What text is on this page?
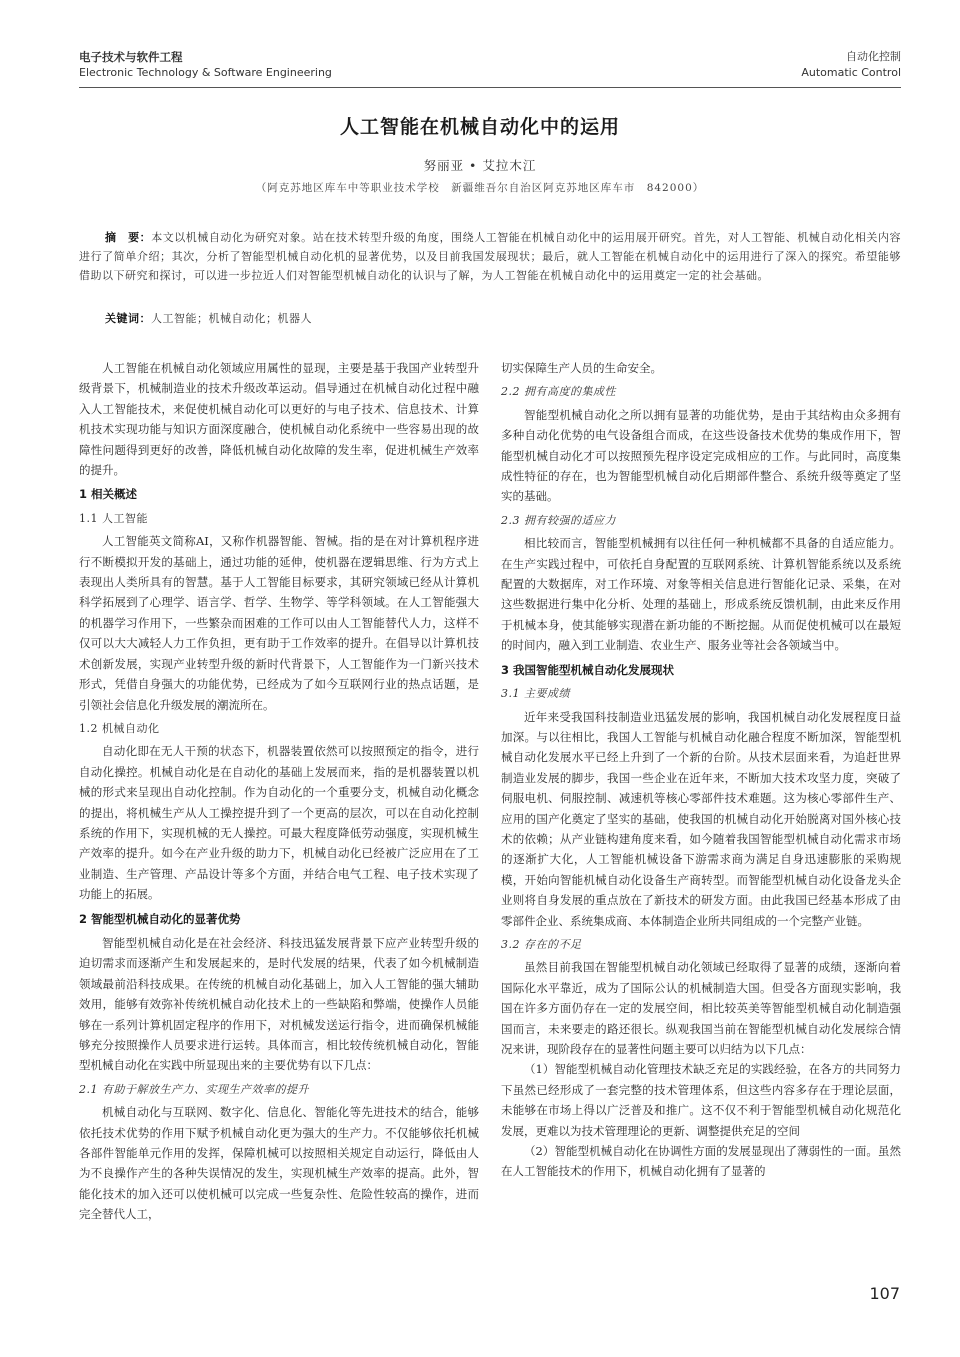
电子技术与软件工程
Electronic Technology & Software Engineering
自动化控制
Automatic Control
人工智能在机械自动化中的运用
努丽亚 • 艾拉木江
（阿克苏地区库车中等职业技术学校　新疆维吾尔自治区阿克苏地区库车市　842000）
摘　要：本文以机械自动化为研究对象。站在技术转型升级的角度，围绕人工智能在机械自动化中的运用展开研究。首先，对人工智能、机械自动化相关内容进行了简单介绍；其次，分析了智能型机械自动化机的显著优势，以及目前我国发展现状；最后，就人工智能在机械自动化中的运用进行了深入的探究。希望能够借助以下研究和探讨，可以进一步拉近人们对智能型机械自动化的认识与了解，为人工智能在机械自动化中的运用奠定一定的社会基础。
关键词：人工智能；机械自动化；机器人

人工智能在机械自动化领域应用属性的显现，主要是基于我国产业转型升级背景下，机械制造业的技术升级改革运动。倡导通过在机械自动化过程中融入人工智能技术，来促使机械自动化可以更好的与电子技术、信息技术、计算机技术实现功能与知识方面深度融合，使机械自动化系统中一些容易出现的故障性问题得到更好的改善，降低机械自动化故障的发生率，促进机械生产效率的提升。

1 相关概述
1.1 人工智能

人工智能英文简称AI，又称作机器智能、智械。指的是在对计算机程序进行不断模拟开发的基础上，通过功能的延伸，使机器在逻辑思维、行为方式上表现出人类所具有的智慧。基于人工智能目标要求，其研究领域已经从计算机科学拓展到了心理学、语言学、哲学、生物学、等学科领域。在人工智能强大的机器学习作用下，一些繁杂而困难的工作可以由人工智能替代人力，这样不仅可以大大减轻人力工作负担，更有助于工作效率的提升。在倡导以计算机技术创新发展，实现产业转型升级的新时代背景下，人工智能作为一门新兴技术形式，凭借自身强大的功能优势，已经成为了如今互联网行业的热点话题，是引领社会信息化升级发展的潮流所在。

1.2 机械自动化

自动化即在无人干预的状态下，机器装置依然可以按照预定的指令，进行自动化操控。机械自动化是在自动化的基础上发展而来，指的是机器装置以机械的形式来呈现出自动化控制。作为自动化的一个重要分支，机械自动化概念的提出，将机械生产从人工操控提升到了一个更高的层次，可以在自动化控制系统的作用下，实现机械的无人操控。可最大程度降低劳动强度，实现机械生产效率的提升。如今在产业升级的助力下，机械自动化已经被广泛应用在了工业制造、生产管理、产品设计等多个方面，并结合电气工程、电子技术实现了功能上的拓展。

2 智能型机械自动化的显著优势

智能型机械自动化是在社会经济、科技迅猛发展背景下应产业转型升级的迫切需求而逐渐产生和发展起来的，是时代发展的结果，代表了如今机械制造领域最前沿科技成果。在传统的机械自动化基础上，加入人工智能的强大辅助效用，能够有效弥补传统机械自动化技术上的一些缺陷和弊端，使操作人员能够在一系列计算机固定程序的作用下，对机械发送运行指令，进而确保机械能够充分按照操作人员要求进行运转。具体而言，相比较传统机械自动化，智能型机械自动化在实践中所显现出来的主要优势有以下几点：

2.1 有助于解放生产力、实现生产效率的提升

机械自动化与互联网、数字化、信息化、智能化等先进技术的结合，能够依托技术优势的作用下赋予机械自动化更为强大的生产力。不仅能够依托机械各部件智能单元作用的发挥，保障机械可以按照相关规定自动运行，降低由人为不良操作产生的各种失误情况的发生，实现机械生产效率的提高。此外，智能化技术的加入还可以使机械可以完成一些复杂性、危险性较高的操作，进而完全替代人工，

切实保障生产人员的生命安全。

2.2 拥有高度的集成性

智能型机械自动化之所以拥有显著的功能优势，是由于其结构由众多拥有多种自动化优势的电气设备组合而成，在这些设备技术优势的集成作用下，智能型机械自动化才可以按照预先程序设定完成相应的工作。与此同时，高度集成性特征的存在，也为智能型机械自动化后期部件整合、系统升级等奠定了坚实的基础。

2.3 拥有较强的适应力

相比较而言，智能型机械拥有以往任何一种机械都不具备的自适应能力。在生产实践过程中，可依托自身配置的互联网系统、计算机智能系统以及系统配置的大数据库，对工作环境、对象等相关信息进行智能化记录、采集，在对这些数据进行集中化分析、处理的基础上，形成系统反馈机制，由此来反作用于机械本身，使其能够实现潜在新功能的不断挖掘。从而促使机械可以在最短的时间内，融入到工业制造、农业生产、服务业等社会各领域当中。

3 我国智能型机械自动化发展现状
3.1 主要成绩

近年来受我国科技制造业迅猛发展的影响，我国机械自动化发展程度日益加深。与以往相比，我国人工智能与机械自动化融合程度不断加深，智能型机械自动化发展水平已经上升到了一个新的台阶。从技术层面来看，为追赶世界制造业发展的脚步，我国一些企业在近年来，不断加大技术攻坚力度，突破了伺服电机、伺服控制、减速机等核心零部件技术难题。这为核心零部件生产、应用的国产化奠定了坚实的基础，使我国的机械自动化开始脱离对国外核心技术的依赖；从产业链构建角度来看，如今随着我国智能型机械自动化需求市场的逐渐扩大化，人工智能机械设备下游需求商为满足自身迅速膨胀的采购规模，开始向智能机械自动化设备生产商转型。而智能型机械自动化设备龙头企业则将自身发展的重点放在了新技术的研发方面。由此我国已经基本形成了由零部件企业、系统集成商、本体制造企业所共同组成的一个完整产业链。

3.2 存在的不足

虽然目前我国在智能型机械自动化领域已经取得了显著的成绩，逐渐向着国际化水平靠近，成为了国际公认的机械制造大国。但受各方面现实影响，我国在许多方面仍存在一定的发展空间，相比较英美等智能型机械自动化制造强国而言，未来要走的路还很长。纵观我国当前在智能型机械自动化发展综合情况来讲，现阶段存在的显著性问题主要可以归结为以下几点：

（1）智能型机械自动化管理技术缺乏充足的实践经验，在各方的共同努力下虽然已经形成了一套完整的技术管理体系，但这些内容多存在于理论层面，未能够在市场上得以广泛普及和推广。这不仅不利于智能型机械自动化规范化发展，更难以为技术管理理论的更新、调整提供充足的空间

（2）智能型机械自动化在协调性方面的发展显现出了薄弱性的一面。虽然在人工智能技术的作用下，机械自动化拥有了显著的

107
